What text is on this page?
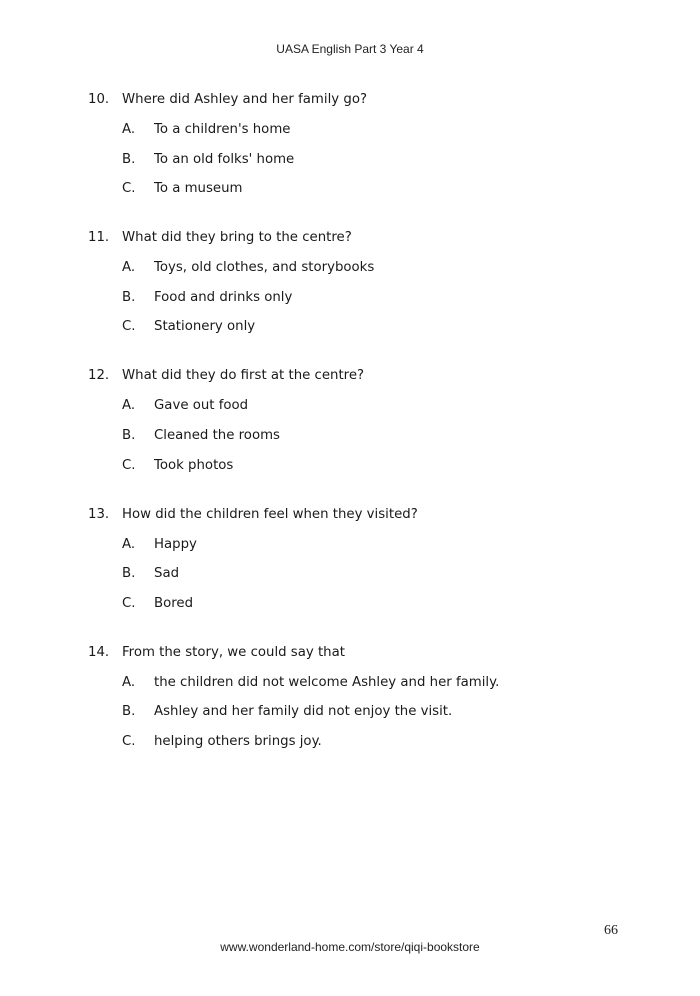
UASA English Part 3 Year 4
10. Where did Ashley and her family go?
A.	To a children's home
B.	To an old folks' home
C.	To a museum
11. What did they bring to the centre?
A.	Toys, old clothes, and storybooks
B.	Food and drinks only
C.	Stationery only
12. What did they do first at the centre?
A.	Gave out food
B.	Cleaned the rooms
C.	Took photos
13. How did the children feel when they visited?
A.	Happy
B.	Sad
C.	Bored
14. From the story, we could say that
A.	the children did not welcome Ashley and her family.
B.	Ashley and her family did not enjoy the visit.
C.	helping others brings joy.
66
www.wonderland-home.com/store/qiqi-bookstore
